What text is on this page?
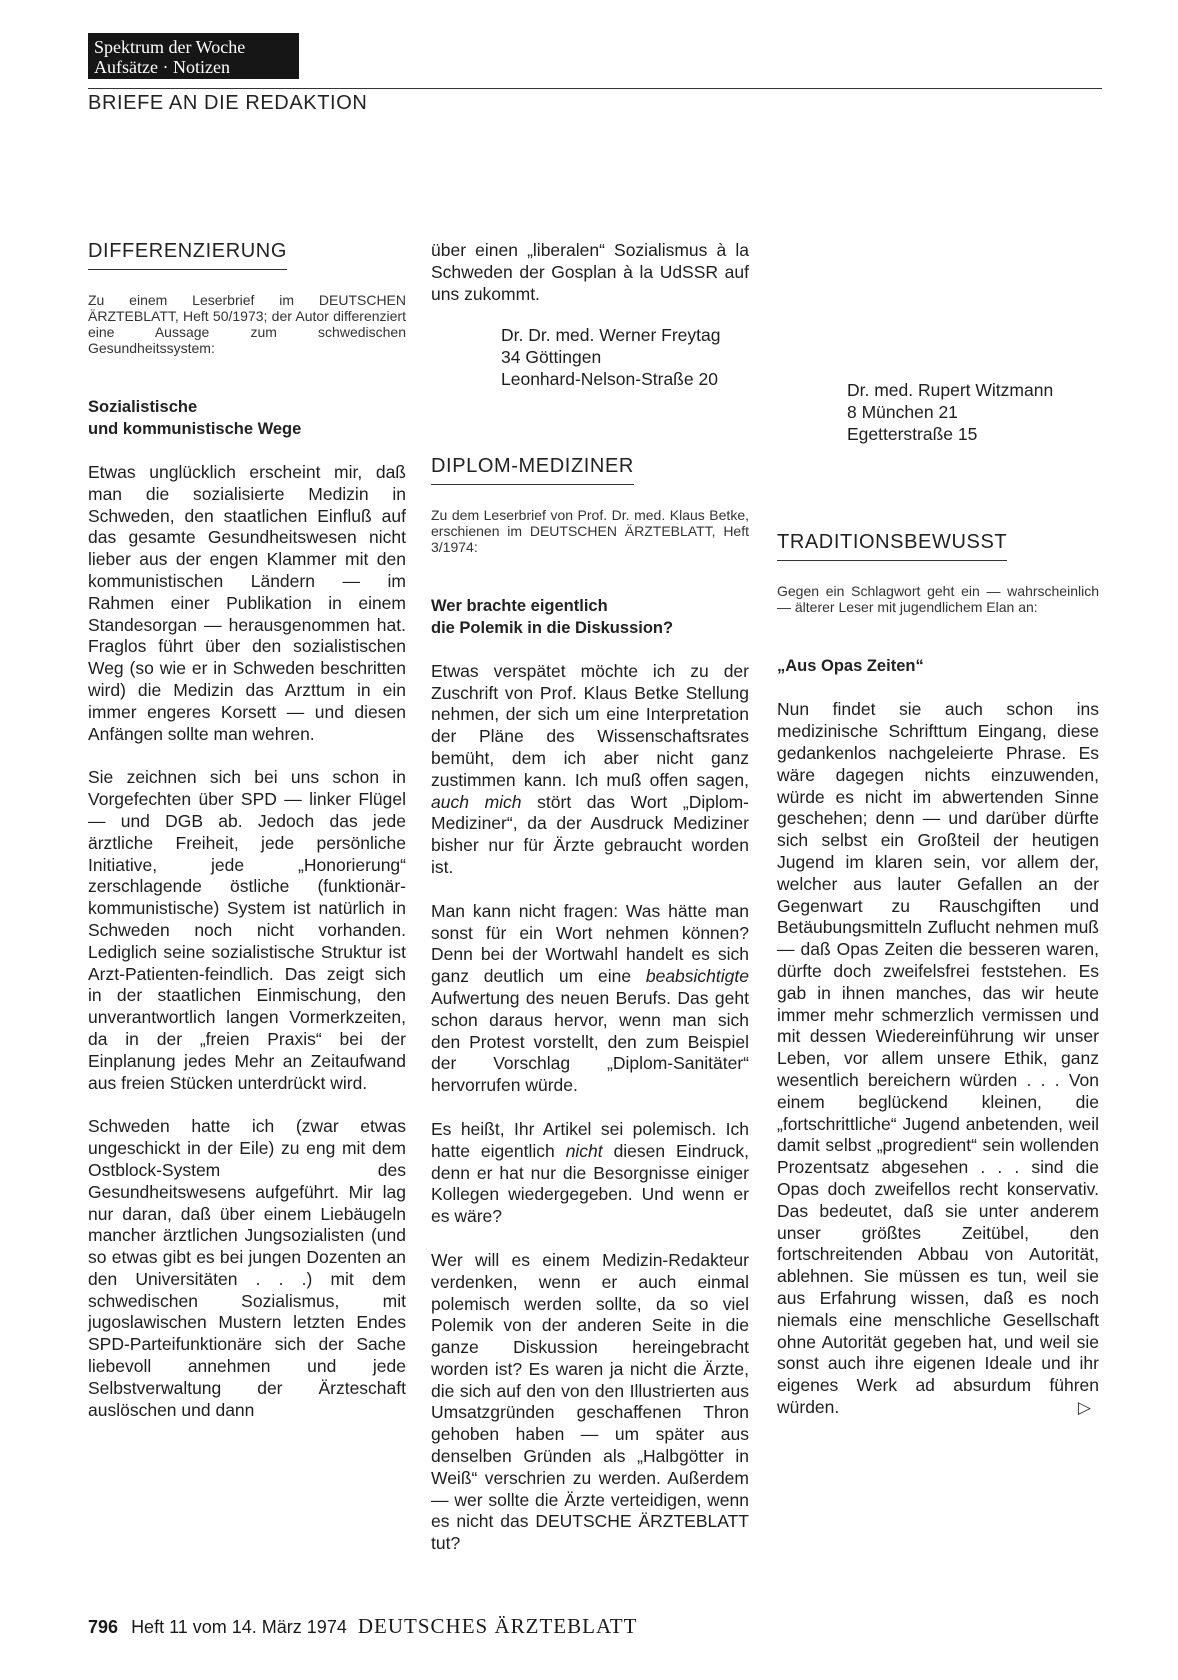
Spektrum der Woche
Aufsätze · Notizen
BRIEFE AN DIE REDAKTION
DIFFERENZIERUNG

Zu einem Leserbrief im DEUTSCHEN ÄRZTEBLATT, Heft 50/1973; der Autor differenziert eine Aussage zum schwedischen Gesundheitssystem:

Sozialistische
und kommunistische Wege

Etwas unglücklich erscheint mir, daß man die sozialisierte Medizin in Schweden, den staatlichen Einfluß auf das gesamte Gesundheitswesen nicht lieber aus der engen Klammer mit den kommunistischen Ländern — im Rahmen einer Publikation in einem Standesorgan — herausgenommen hat. Fraglos führt über den sozialistischen Weg (so wie er in Schweden beschritten wird) die Medizin das Arzttum in ein immer engeres Korsett — und diesen Anfängen sollte man wehren.

Sie zeichnen sich bei uns schon in Vorgefechten über SPD — linker Flügel — und DGB ab. Jedoch das jede ärztliche Freiheit, jede persönliche Initiative, jede „Honorierung“ zerschlagende östliche (funktionär-kommunistische) System ist natürlich in Schweden noch nicht vorhanden. Lediglich seine sozialistische Struktur ist Arzt-Patienten-feindlich. Das zeigt sich in der staatlichen Einmischung, den unverantwortlich langen Vormerkzeiten, da in der „freien Praxis“ bei der Einplanung jedes Mehr an Zeitaufwand aus freien Stücken unterdrückt wird.

Schweden hatte ich (zwar etwas ungeschickt in der Eile) zu eng mit dem Ostblock-System des Gesundheitswesens aufgeführt. Mir lag nur daran, daß über einem Liebäugeln mancher ärztlichen Jungsozialisten (und so etwas gibt es bei jungen Dozenten an den Universitäten . . .) mit dem schwedischen Sozialismus, mit jugoslawischen Mustern letzten Endes SPD-Parteifunktionäre sich der Sache liebevoll annehmen und jede Selbstverwaltung der Ärzteschaft auslöschen und dann

über einen „liberalen“ Sozialismus à la Schweden der Gosplan à la UdSSR auf uns zukommt.

Dr. Dr. med. Werner Freytag
34 Göttingen
Leonhard-Nelson-Straße 20
DIPLOM-MEDIZINER

Zu dem Leserbrief von Prof. Dr. med. Klaus Betke, erschienen im DEUTSCHEN ÄRZTEBLATT, Heft 3/1974:

Wer brachte eigentlich
die Polemik in die Diskussion?

Etwas verspätet möchte ich zu der Zuschrift von Prof. Klaus Betke Stellung nehmen, der sich um eine Interpretation der Pläne des Wissenschaftsrates bemüht, dem ich aber nicht ganz zustimmen kann. Ich muß offen sagen, auch mich stört das Wort „Diplom-Mediziner“, da der Ausdruck Mediziner bisher nur für Ärzte gebraucht worden ist.

Man kann nicht fragen: Was hätte man sonst für ein Wort nehmen können? Denn bei der Wortwahl handelt es sich ganz deutlich um eine beabsichtigte Aufwertung des neuen Berufs. Das geht schon daraus hervor, wenn man sich den Protest vorstellt, den zum Beispiel der Vorschlag „Diplom-Sanitäter“ hervorrufen würde.

Es heißt, Ihr Artikel sei polemisch. Ich hatte eigentlich nicht diesen Eindruck, denn er hat nur die Besorgnisse einiger Kollegen wiedergegeben. Und wenn er es wäre?

Wer will es einem Medizin-Redakteur verdenken, wenn er auch einmal polemisch werden sollte, da so viel Polemik von der anderen Seite in die ganze Diskussion hereingebracht worden ist? Es waren ja nicht die Ärzte, die sich auf den von den Illustrierten aus Umsatzgründen geschaffenen Thron gehoben haben — um später aus denselben Gründen als „Halbgötter in Weiß“ verschrien zu werden. Außerdem — wer sollte die Ärzte verteidigen, wenn es nicht das DEUTSCHE ÄRZTEBLATT tut?

Dr. med. Rupert Witzmann
8 München 21
Egetterstraße 15
TRADITIONSBEWUSST

Gegen ein Schlagwort geht ein — wahrscheinlich — älterer Leser mit jugendlichem Elan an:

„Aus Opas Zeiten“

Nun findet sie auch schon ins medizinische Schrifttum Eingang, diese gedankenlos nachgeleierte Phrase. Es wäre dagegen nichts einzuwenden, würde es nicht im abwertenden Sinne geschehen; denn — und darüber dürfte sich selbst ein Großteil der heutigen Jugend im klaren sein, vor allem der, welcher aus lauter Gefallen an der Gegenwart zu Rauschgiften und Betäubungsmitteln Zuflucht nehmen muß — daß Opas Zeiten die besseren waren, dürfte doch zweifelsfrei feststehen. Es gab in ihnen manches, das wir heute immer mehr schmerzlich vermissen und mit dessen Wiedereinführung wir unser Leben, vor allem unsere Ethik, ganz wesentlich bereichern würden . . . Von einem beglückend kleinen, die „fortschrittliche“ Jugend anbetenden, weil damit selbst „progredient“ sein wollenden Prozentsatz abgesehen . . . sind die Opas doch zweifellos recht konservativ. Das bedeutet, daß sie unter anderem unser größtes Zeitübel, den fortschreitenden Abbau von Autorität, ablehnen. Sie müssen es tun, weil sie aus Erfahrung wissen, daß es noch niemals eine menschliche Gesellschaft ohne Autorität gegeben hat, und weil sie sonst auch ihre eigenen Ideale und ihr eigenes Werk ad absurdum führen würden.	▷

796 Heft 11 vom 14. März 1974 DEUTSCHES ÄRZTEBLATT
